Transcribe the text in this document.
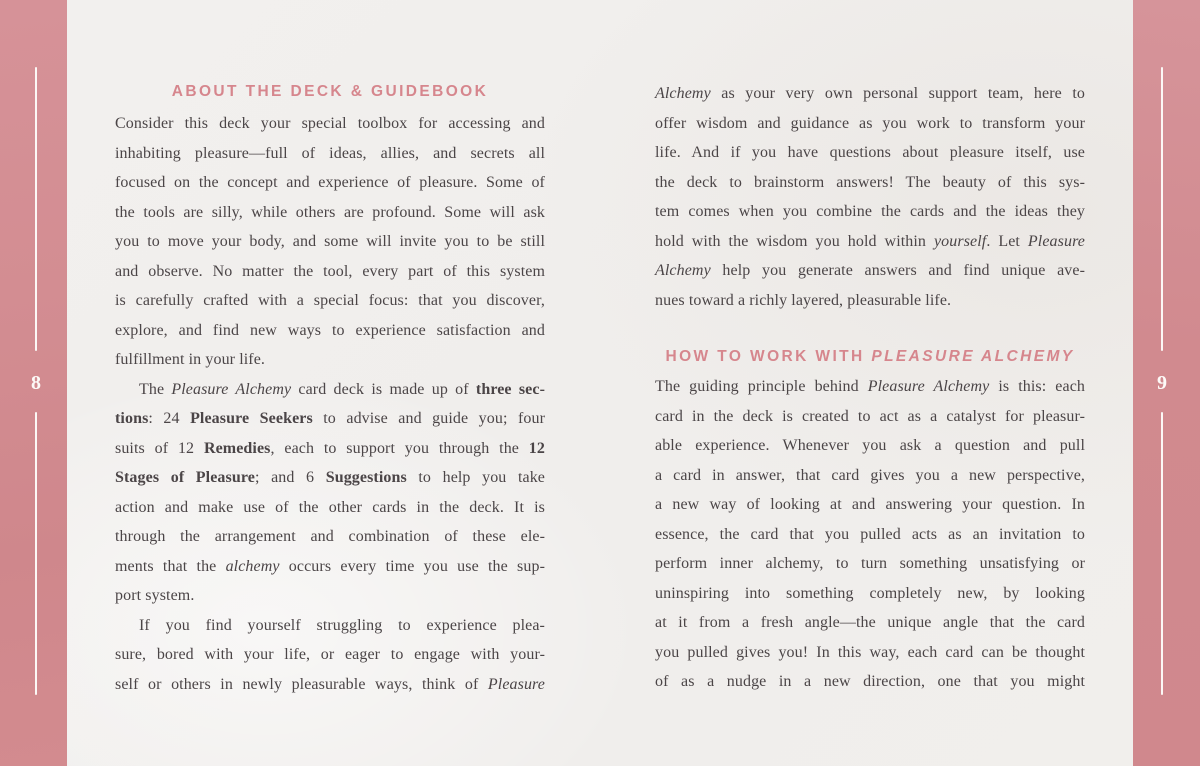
8
ABOUT THE DECK & GUIDEBOOK
Consider this deck your special toolbox for accessing and
inhabiting pleasure—full of ideas, allies, and secrets all
focused on the concept and experience of pleasure. Some of
the tools are silly, while others are profound. Some will ask
you to move your body, and some will invite you to be still
and observe. No matter the tool, every part of this system
is carefully crafted with a special focus: that you discover,
explore, and find new ways to experience satisfaction and
fulfillment in your life.
The Pleasure Alchemy card deck is made up of three sec-
tions: 24 Pleasure Seekers to advise and guide you; four
suits of 12 Remedies, each to support you through the 12
Stages of Pleasure; and 6 Suggestions to help you take
action and make use of the other cards in the deck. It is
through the arrangement and combination of these ele-
ments that the alchemy occurs every time you use the sup-
port system.
If you find yourself struggling to experience plea-
sure, bored with your life, or eager to engage with your-
self or others in newly pleasurable ways, think of Pleasure
Alchemy as your very own personal support team, here to
offer wisdom and guidance as you work to transform your
life. And if you have questions about pleasure itself, use
the deck to brainstorm answers! The beauty of this sys-
tem comes when you combine the cards and the ideas they
hold with the wisdom you hold within yourself. Let Pleasure
Alchemy help you generate answers and find unique ave-
nues toward a richly layered, pleasurable life.
HOW TO WORK WITH PLEASURE ALCHEMY
The guiding principle behind Pleasure Alchemy is this: each
card in the deck is created to act as a catalyst for pleasur-
able experience. Whenever you ask a question and pull
a card in answer, that card gives you a new perspective,
a new way of looking at and answering your question. In
essence, the card that you pulled acts as an invitation to
perform inner alchemy, to turn something unsatisfying or
uninspiring into something completely new, by looking
at it from a fresh angle—the unique angle that the card
you pulled gives you! In this way, each card can be thought
of as a nudge in a new direction, one that you might
9
